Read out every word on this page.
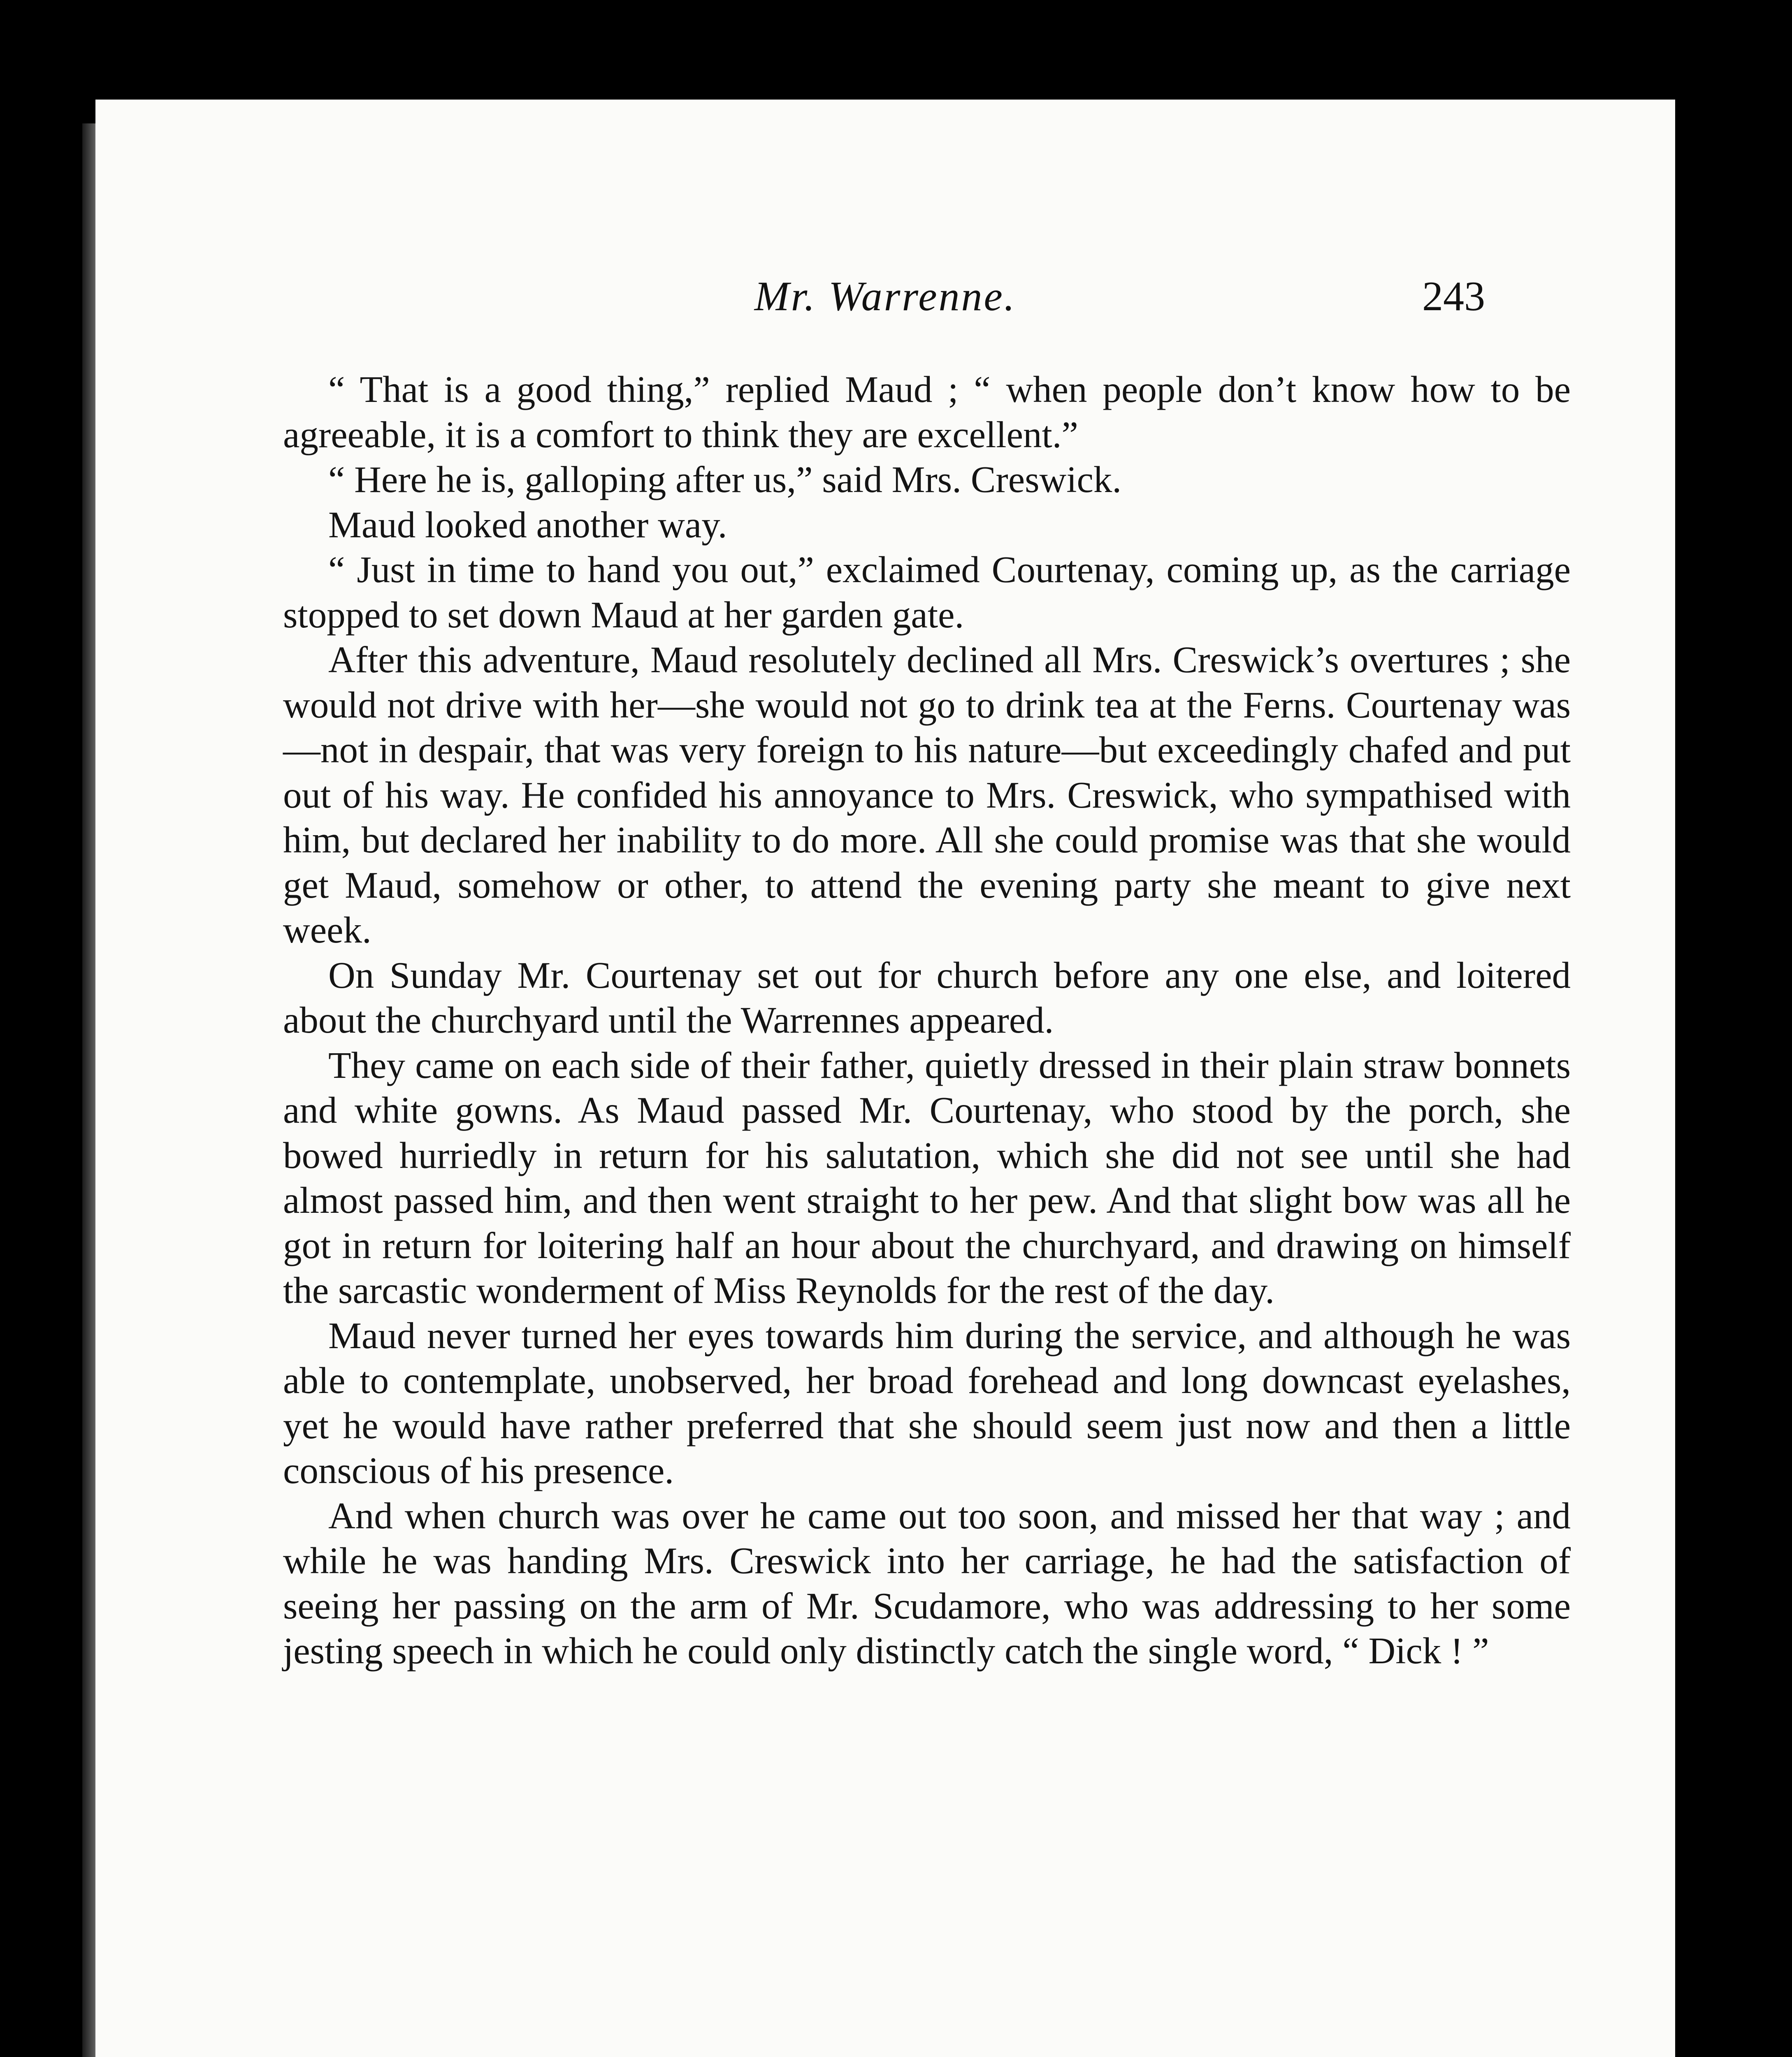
Mr. Warrenne.	243

“ That is a good thing,” replied Maud ; “ when people don’t know how to be agreeable, it is a comfort to think they are excellent.”

“ Here he is, galloping after us,” said Mrs. Creswick.

Maud looked another way.

“ Just in time to hand you out,” exclaimed Courtenay, coming up, as the carriage stopped to set down Maud at her garden gate.

After this adventure, Maud resolutely declined all Mrs. Creswick’s overtures ; she would not drive with her—she would not go to drink tea at the Ferns. Courtenay was—not in despair, that was very foreign to his nature—but exceedingly chafed and put out of his way. He confided his annoyance to Mrs. Creswick, who sympathised with him, but declared her inability to do more. All she could promise was that she would get Maud, somehow or other, to attend the evening party she meant to give next week.

On Sunday Mr. Courtenay set out for church before any one else, and loitered about the churchyard until the Warrennes appeared.

They came on each side of their father, quietly dressed in their plain straw bonnets and white gowns. As Maud passed Mr. Courtenay, who stood by the porch, she bowed hurriedly in return for his salutation, which she did not see until she had almost passed him, and then went straight to her pew. And that slight bow was all he got in return for loitering half an hour about the churchyard, and drawing on himself the sarcastic wonderment of Miss Reynolds for the rest of the day.

Maud never turned her eyes towards him during the service, and although he was able to contemplate, unobserved, her broad forehead and long downcast eyelashes, yet he would have rather preferred that she should seem just now and then a little conscious of his presence.

And when church was over he came out too soon, and missed her that way ; and while he was handing Mrs. Creswick into her carriage, he had the satisfaction of seeing her passing on the arm of Mr. Scudamore, who was addressing to her some jesting speech in which he could only distinctly catch the single word, “ Dick ! ”
